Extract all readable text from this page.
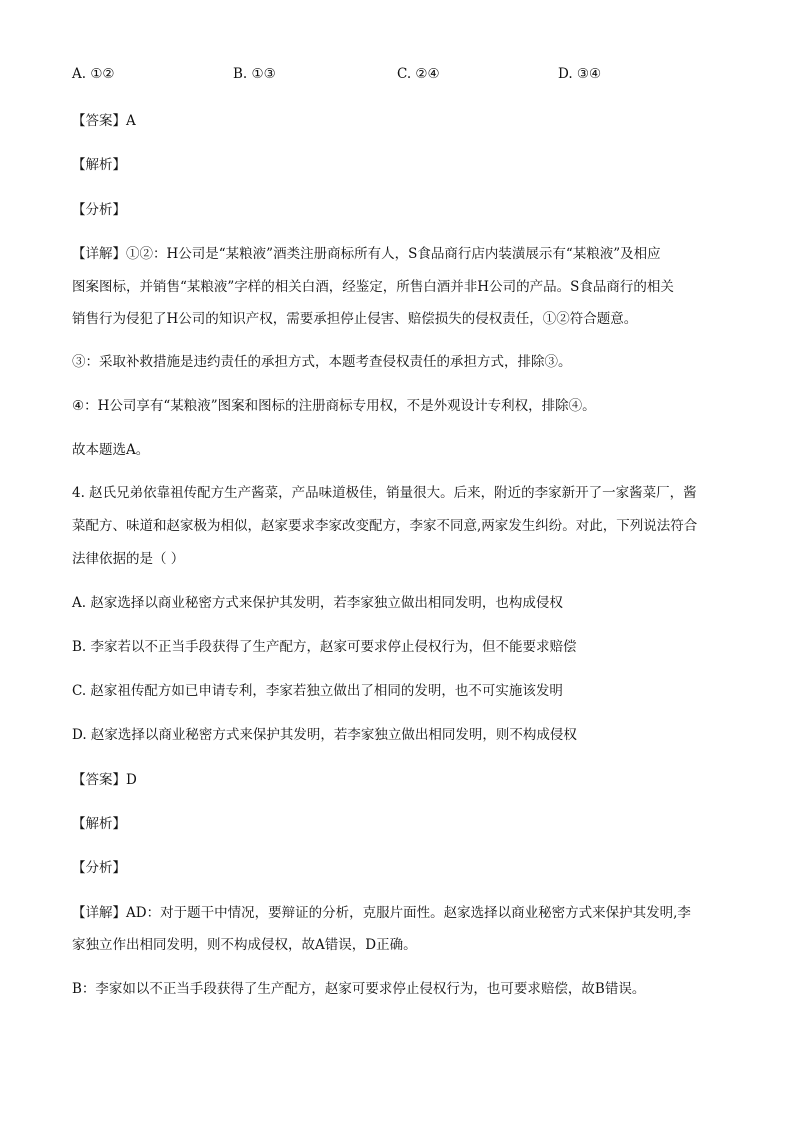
A. ①②	B. ①③	C. ②④	D. ③④
【答案】A
【解析】
【分析】
【详解】①②：H公司是“某粮液”酒类注册商标所有人，S食品商行店内装潢展示有“某粮液”及相应
图案图标，并销售“某粮液”字样的相关白酒，经鉴定，所售白酒并非H公司的产品。S食品商行的相关
销售行为侵犯了H公司的知识产权，需要承担停止侵害、赔偿损失的侵权责任，①②符合题意。
③：采取补救措施是违约责任的承担方式，本题考查侵权责任的承担方式，排除③。
④：H公司享有“某粮液”图案和图标的注册商标专用权，不是外观设计专利权，排除④。
故本题选A。
4. 赵氏兄弟依靠祖传配方生产酱菜，产品味道极佳，销量很大。后来，附近的李家新开了一家酱菜厂，酱
菜配方、味道和赵家极为相似，赵家要求李家改变配方，李家不同意,两家发生纠纷。对此，下列说法符合
法律依据的是（ ）
A. 赵家选择以商业秘密方式来保护其发明，若李家独立做出相同发明，也构成侵权
B. 李家若以不正当手段获得了生产配方，赵家可要求停止侵权行为，但不能要求赔偿
C. 赵家祖传配方如已申请专利，李家若独立做出了相同的发明，也不可实施该发明
D. 赵家选择以商业秘密方式来保护其发明，若李家独立做出相同发明，则不构成侵权
【答案】D
【解析】
【分析】
【详解】AD：对于题干中情况，要辩证的分析，克服片面性。赵家选择以商业秘密方式来保护其发明,李
家独立作出相同发明，则不构成侵权，故A错误，D正确。
B：李家如以不正当手段获得了生产配方，赵家可要求停止侵权行为，也可要求赔偿，故B错误。
